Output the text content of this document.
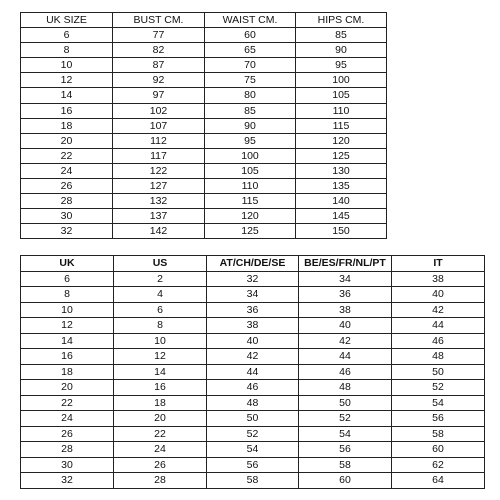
UK SIZE	BUST CM.	WAIST CM.	HIPS CM.
6	77	60	85
8	82	65	90
10	87	70	95
12	92	75	100
14	97	80	105
16	102	85	110
18	107	90	115
20	112	95	120
22	117	100	125
24	122	105	130
26	127	110	135
28	132	115	140
30	137	120	145
32	142	125	150
UK	US	AT/CH/DE/SE	BE/ES/FR/NL/PT	IT
6	2	32	34	38
8	4	34	36	40
10	6	36	38	42
12	8	38	40	44
14	10	40	42	46
16	12	42	44	48
18	14	44	46	50
20	16	46	48	52
22	18	48	50	54
24	20	50	52	56
26	22	52	54	58
28	24	54	56	60
30	26	56	58	62
32	28	58	60	64
